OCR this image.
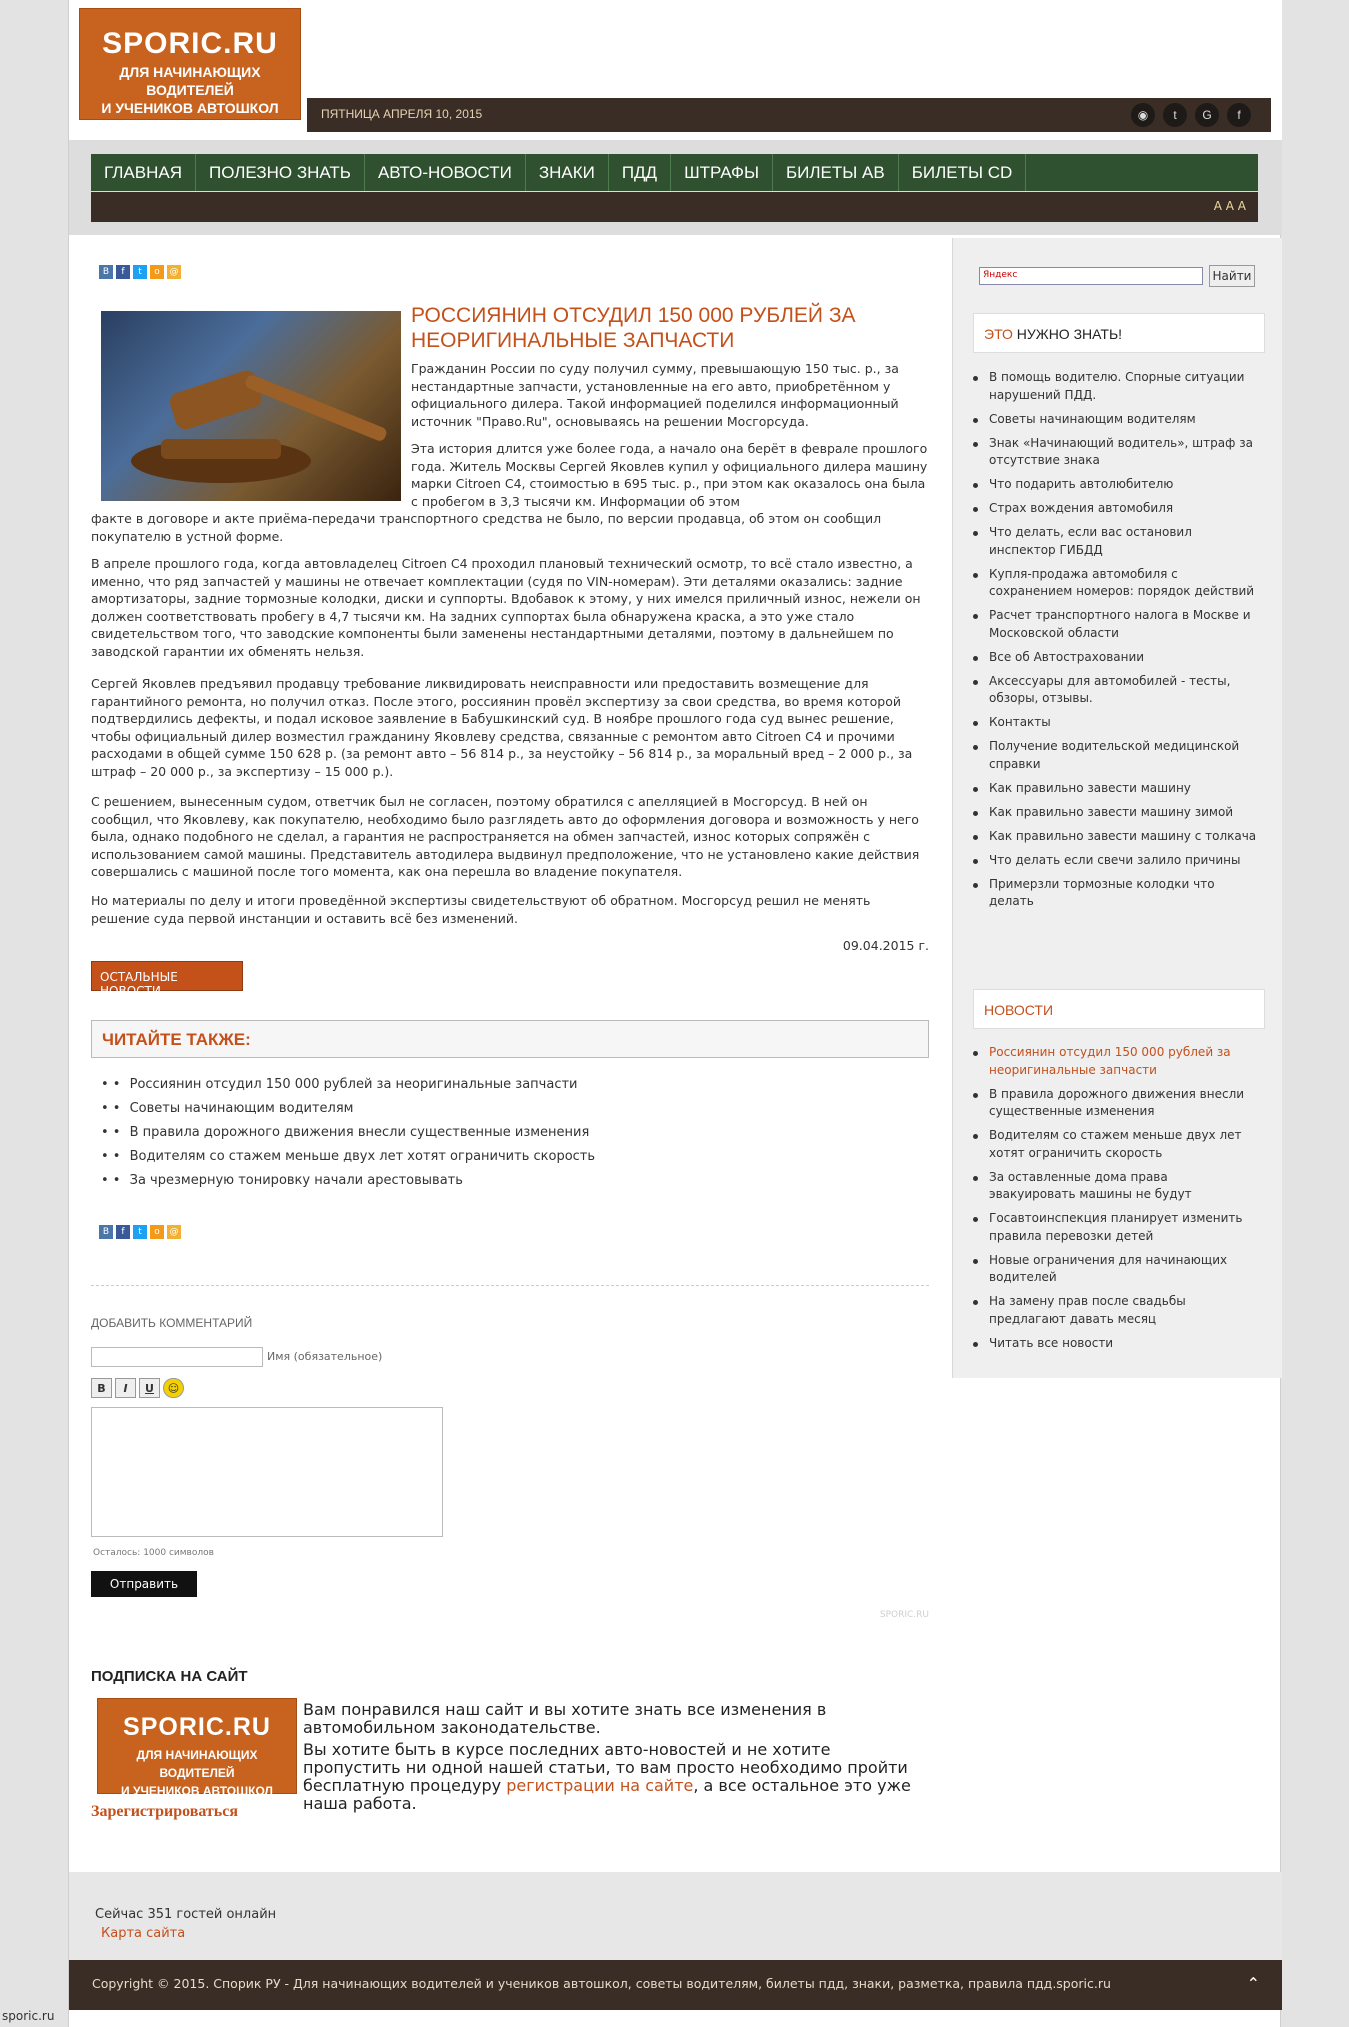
SPORIC.RU
ДЛЯ НАЧИНАЮЩИХ ВОДИТЕЛЕЙ
И УЧЕНИКОВ АВТОШКОЛ	ПЯТНИЦА АПРЕЛЯ 10, 2015	◉	t	G	f
ГЛАВНАЯ	ПОЛЕЗНО ЗНАТЬ	АВТО-НОВОСТИ	ЗНАКИ	ПДД	ШТРАФЫ	БИЛЕТЫ AB	БИЛЕТЫ CD
A A A
В	f	t	о	@
РОССИЯНИН ОТСУДИЛ 150 000 РУБЛЕЙ ЗА НЕОРИГИНАЛЬНЫЕ ЗАПЧАСТИ
Гражданин России по суду получил сумму, превышающую 150 тыс. р., за нестандартные запчасти, установленные на его авто, приобретённом у официального дилера. Такой информацией поделился информационный источник "Право.Ru", основываясь на решении Мосгорсуда.
Эта история длится уже более года, а начало она берёт в феврале прошлого года. Житель Москвы Сергей Яковлев купил у официального дилера машину марки Citroen C4, стоимостью в 695 тыс. р., при этом как оказалось она была с пробегом в 3,3 тысячи км. Информации об этом
факте в договоре и акте приёма-передачи транспортного средства не было, по версии продавца, об этом он сообщил покупателю в устной форме.
В апреле прошлого года, когда автовладелец Citroen C4 проходил плановый технический осмотр, то всё стало известно, а именно, что ряд запчастей у машины не отвечает комплектации (судя по VIN-номерам). Эти деталями оказались: задние амортизаторы, задние тормозные колодки, диски и суппорты. Вдобавок к этому, у них имелся приличный износ, нежели он должен соответствовать пробегу в 4,7 тысячи км. На задних суппортах была обнаружена краска, а это уже стало свидетельством того, что заводские компоненты были заменены нестандартными деталями, поэтому в дальнейшем по заводской гарантии их обменять нельзя.
Сергей Яковлев предъявил продавцу требование ликвидировать неисправности или предоставить возмещение для гарантийного ремонта, но получил отказ. После этого, россиянин провёл экспертизу за свои средства, во время которой подтвердились дефекты, и подал исковое заявление в Бабушкинский суд. В ноябре прошлого года суд вынес решение, чтобы официальный дилер возместил гражданину Яковлеву средства, связанные с ремонтом авто Citroen C4 и прочими расходами в общей сумме 150 628 р. (за ремонт авто – 56 814 р., за неустойку – 56 814 р., за моральный вред – 2 000 р., за штраф – 20 000 р., за экспертизу – 15 000 р.).
С решением, вынесенным судом, ответчик был не согласен, поэтому обратился с апелляцией в Мосгорсуд. В ней он сообщил, что Яковлеву, как покупателю, необходимо было разглядеть авто до оформления договора и возможность у него была, однако подобного не сделал, а гарантия не распространяется на обмен запчастей, износ которых сопряжён с использованием самой машины. Представитель автодилера выдвинул предположение, что не установлено какие действия совершались с машиной после того момента, как она перешла во владение покупателя.
Но материалы по делу и итоги проведённой экспертизы свидетельствуют об обратном. Мосгорсуд решил не менять решение суда первой инстанции и оставить всё без изменений.
09.04.2015 г.
ОСТАЛЬНЫЕ НОВОСТИ
ЧИТАЙТЕ ТАКЖЕ:
• • Россиянин отсудил 150 000 рублей за неоригинальные запчасти
• • Советы начинающим водителям
• • В правила дорожного движения внесли существенные изменения
• • Водителям со стажем меньше двух лет хотят ограничить скорость
• • За чрезмерную тонировку начали арестовывать
В	f	t	о	@
ДОБАВИТЬ КОММЕНТАРИЙ
Имя (обязательное)
B	I	U	☺
Осталось: 1000 символов
Отправить
SPORIC.RU
ПОДПИСКА НА САЙТ
SPORIC.RU
ДЛЯ НАЧИНАЮЩИХ ВОДИТЕЛЕЙ
И УЧЕНИКОВ АВТОШКОЛ
Вам понравился наш сайт и вы хотите знать все изменения в автомобильном законодательстве.
Вы хотите быть в курсе последних авто-новостей и не хотите пропустить ни одной нашей статьи, то вам просто необходимо пройти бесплатную процедуру регистрации на сайте, а все остальное это уже наша работа.
Зарегистрироваться
Яндекс	Найти
ЭТО НУЖНО ЗНАТЬ!
В помощь водителю. Спорные ситуации нарушений ПДД.
Советы начинающим водителям
Знак «Начинающий водитель», штраф за отсутствие знака
Что подарить автолюбителю
Страх вождения автомобиля
Что делать, если вас остановил инспектор ГИБДД
Купля-продажа автомобиля с сохранением номеров: порядок действий
Расчет транспортного налога в Москве и Московской области
Все об Автостраховании
Аксессуары для автомобилей - тесты, обзоры, отзывы.
Контакты
Получение водительской медицинской справки
Как правильно завести машину
Как правильно завести машину зимой
Как правильно завести машину с толкача
Что делать если свечи залило причины
Примерзли тормозные колодки что делать
НОВОСТИ
Россиянин отсудил 150 000 рублей за неоригинальные запчасти
В правила дорожного движения внесли существенные изменения
Водителям со стажем меньше двух лет хотят ограничить скорость
За оставленные дома права эвакуировать машины не будут
Госавтоинспекция планирует изменить правила перевозки детей
Новые ограничения для начинающих водителей
На замену прав после свадьбы предлагают давать месяц
Читать все новости
Сейчас 351 гостей онлайн
Карта сайта
Copyright © 2015. Спорик РУ - Для начинающих водителей и учеников автошкол, советы водителям, билеты пдд, знаки, разметка, правила пдд.sporic.ru	⌃
sporic.ru
